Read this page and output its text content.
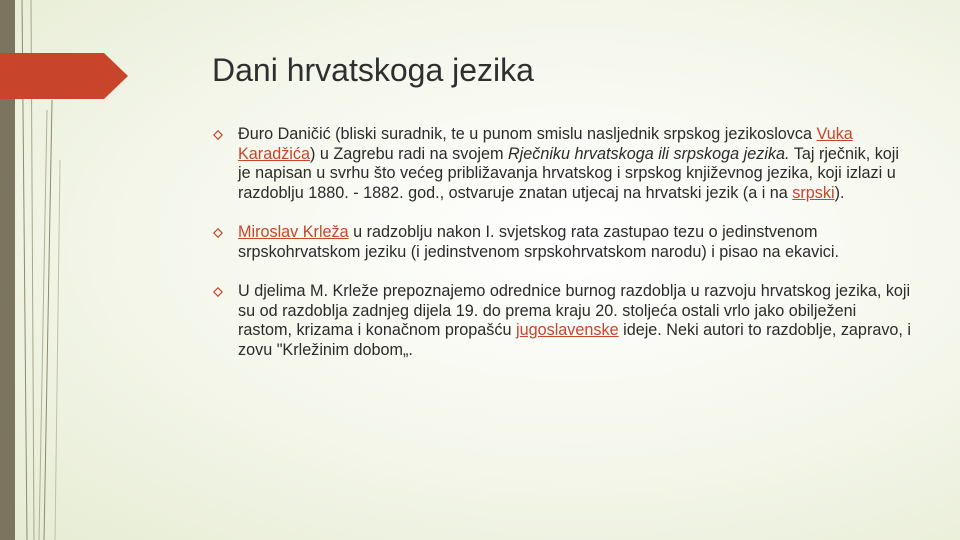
Dani hrvatskoga jezika
Đuro Daničić (bliski suradnik, te u punom smislu nasljednik srpskog jezikoslovca Vuka Karadžića) u Zagrebu radi na svojem Rječniku hrvatskoga ili srpskoga jezika. Taj rječnik, koji je napisan u svrhu što većeg približavanja hrvatskog i srpskog književnog jezika, koji izlazi u razdoblju 1880. - 1882. god., ostvaruje znatan utjecaj na hrvatski jezik (a i na srpski).
Miroslav Krleža u radzoblju nakon I. svjetskog rata zastupao tezu o jedinstvenom srpskohrvatskom jeziku (i jedinstvenom srpskohrvatskom narodu) i pisao na ekavici.
U djelima M. Krleže prepoznajemo odrednice burnog razdoblja u razvoju hrvatskog jezika, koji su od razdoblja zadnjeg dijela 19. do prema kraju 20. stoljeća ostali vrlo jako obilježeni rastom, krizama i konačnom propašću jugoslavenske ideje. Neki autori to razdoblje, zapravo, i zovu "Krležinim dobom„.
